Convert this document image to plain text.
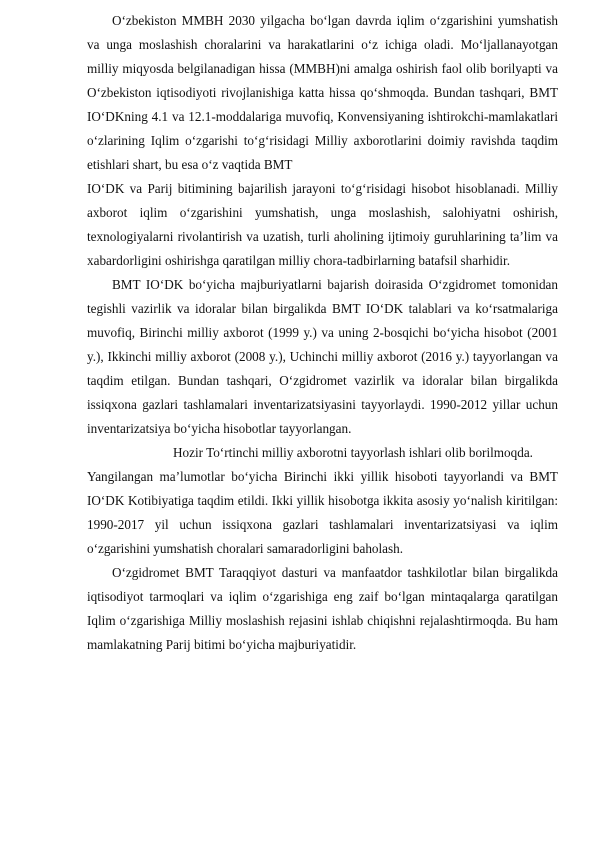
O‘zbekiston MMBH 2030 yilgacha bo‘lgan davrda iqlim o‘zgarishini yumshatish va unga moslashish choralarini va harakatlarini o‘z ichiga oladi. Mo‘ljallanayotgan milliy miqyosda belgilanadigan hissa (MMBH)ni amalga oshirish faol olib borilyapti va O‘zbekiston iqtisodiyoti rivojlanishiga katta hissa qo‘shmoqda. Bundan tashqari, BMT IO‘DKning 4.1 va 12.1-moddalariga muvofiq, Konvensiyaning ishtirokchi-mamlakatlari o‘zlarining Iqlim o‘zgarishi to‘g‘risidagi Milliy axborotlarini doimiy ravishda taqdim etishlari shart, bu esa o‘z vaqtida BMT

IO‘DK va Parij bitimining bajarilish jarayoni to‘g‘risidagi hisobot hisoblanadi. Milliy axborot iqlim o‘zgarishini yumshatish, unga moslashish, salohiyatni oshirish, texnologiyalarni rivolantirish va uzatish, turli aholining ijtimoiy guruhlarining ta’lim va xabardorligini oshirishga qaratilgan milliy chora-tadbirlarning batafsil sharhidir.

BMT IO‘DK bo‘yicha majburiyatlarni bajarish doirasida O‘zgidromet tomonidan tegishli vazirlik va idoralar bilan birgalikda BMT IO‘DK talablari va ko‘rsatmalariga muvofiq, Birinchi milliy axborot (1999 y.) va uning 2-bosqichi bo‘yicha hisobot (2001 y.), Ikkinchi milliy axborot (2008 y.), Uchinchi milliy axborot (2016 y.) tayyorlangan va taqdim etilgan. Bundan tashqari, O‘zgidromet vazirlik va idoralar bilan birgalikda issiqxona gazlari tashlamalari inventarizatsiyasini tayyorlaydi. 1990-2012 yillar uchun inventarizatsiya bo‘yicha hisobotlar tayyorlangan.

Hozir To‘rtinchi milliy axborotni tayyorlash ishlari olib borilmoqda.

Yangilangan ma’lumotlar bo‘yicha Birinchi ikki yillik hisoboti tayyorlandi va BMT IO‘DK Kotibiyatiga taqdim etildi. Ikki yillik hisobotga ikkita asosiy yo‘nalish kiritilgan: 1990-2017 yil uchun issiqxona gazlari tashlamalari inventarizatsiyasi va iqlim o‘zgarishini yumshatish choralari samaradorligini baholash.

O‘zgidromet BMT Taraqqiyot dasturi va manfaatdor tashkilotlar bilan birgalikda iqtisodiyot tarmoqlari va iqlim o‘zgarishiga eng zaif bo‘lgan mintaqalarga qaratilgan Iqlim o‘zgarishiga Milliy moslashish rejasini ishlab chiqishni rejalashtirmoqda. Bu ham mamlakatning Parij bitimi bo‘yicha majburiyatidir.
